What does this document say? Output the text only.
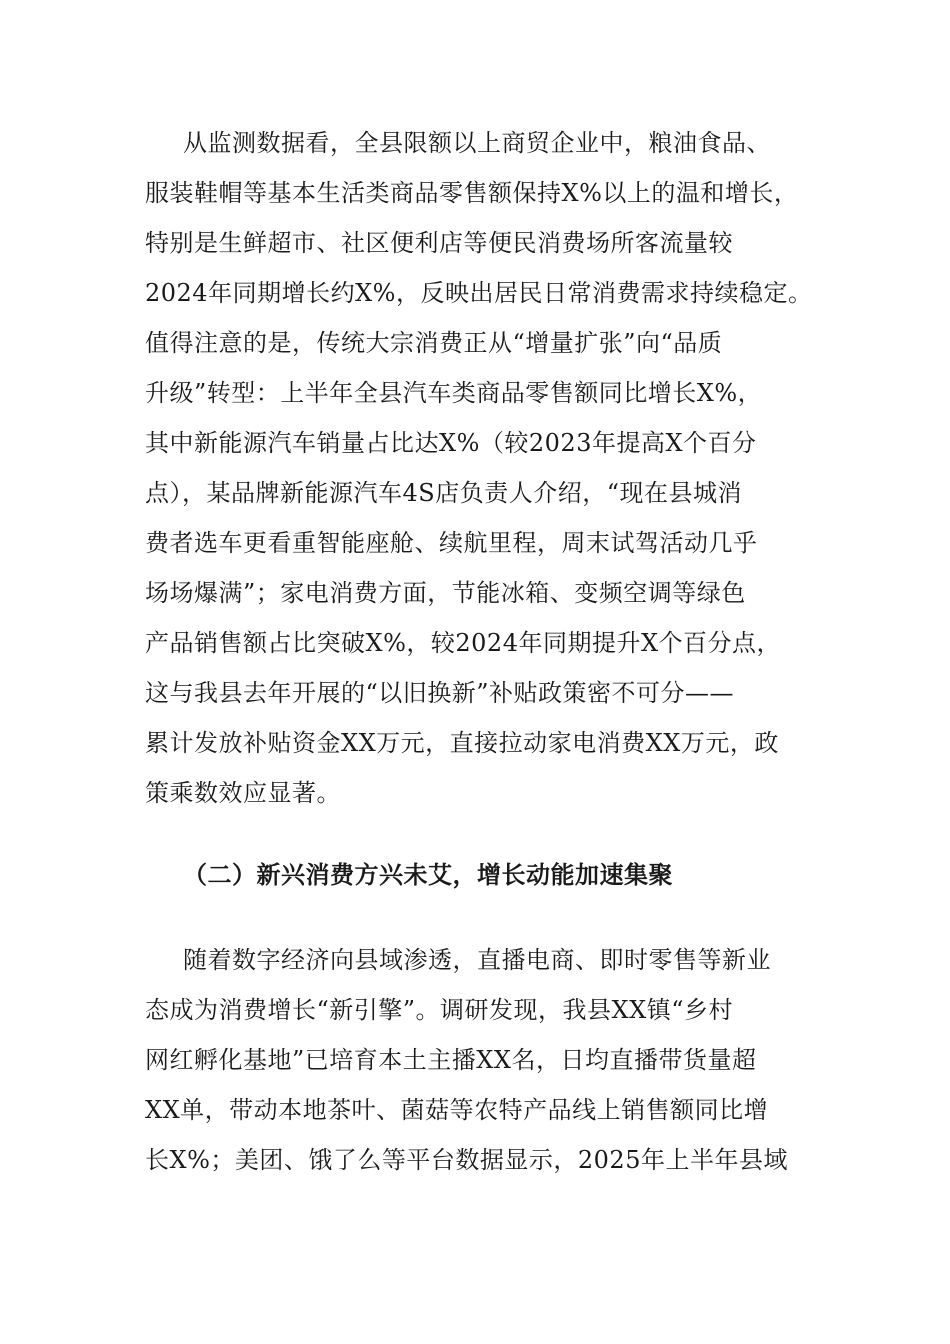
从监测数据看，全县限额以上商贸企业中，粮油食品、
服装鞋帽等基本生活类商品零售额保持X%以上的温和增长，
特别是生鲜超市、社区便利店等便民消费场所客流量较
2024年同期增长约X%，反映出居民日常消费需求持续稳定。
值得注意的是，传统大宗消费正从“增量扩张”向“品质
升级”转型：上半年全县汽车类商品零售额同比增长X%，
其中新能源汽车销量占比达X%（较2023年提高X个百分
点），某品牌新能源汽车4S店负责人介绍，“现在县城消
费者选车更看重智能座舱、续航里程，周末试驾活动几乎
场场爆满”；家电消费方面，节能冰箱、变频空调等绿色
产品销售额占比突破X%，较2024年同期提升X个百分点，
这与我县去年开展的“以旧换新”补贴政策密不可分——
累计发放补贴资金XX万元，直接拉动家电消费XX万元，政
策乘数效应显著。
（二）新兴消费方兴未艾，增长动能加速集聚
随着数字经济向县域渗透，直播电商、即时零售等新业
态成为消费增长“新引擎”。调研发现，我县XX镇“乡村
网红孵化基地”已培育本土主播XX名，日均直播带货量超
XX单，带动本地茶叶、菌菇等农特产品线上销售额同比增
长X%；美团、饿了么等平台数据显示，2025年上半年县域
